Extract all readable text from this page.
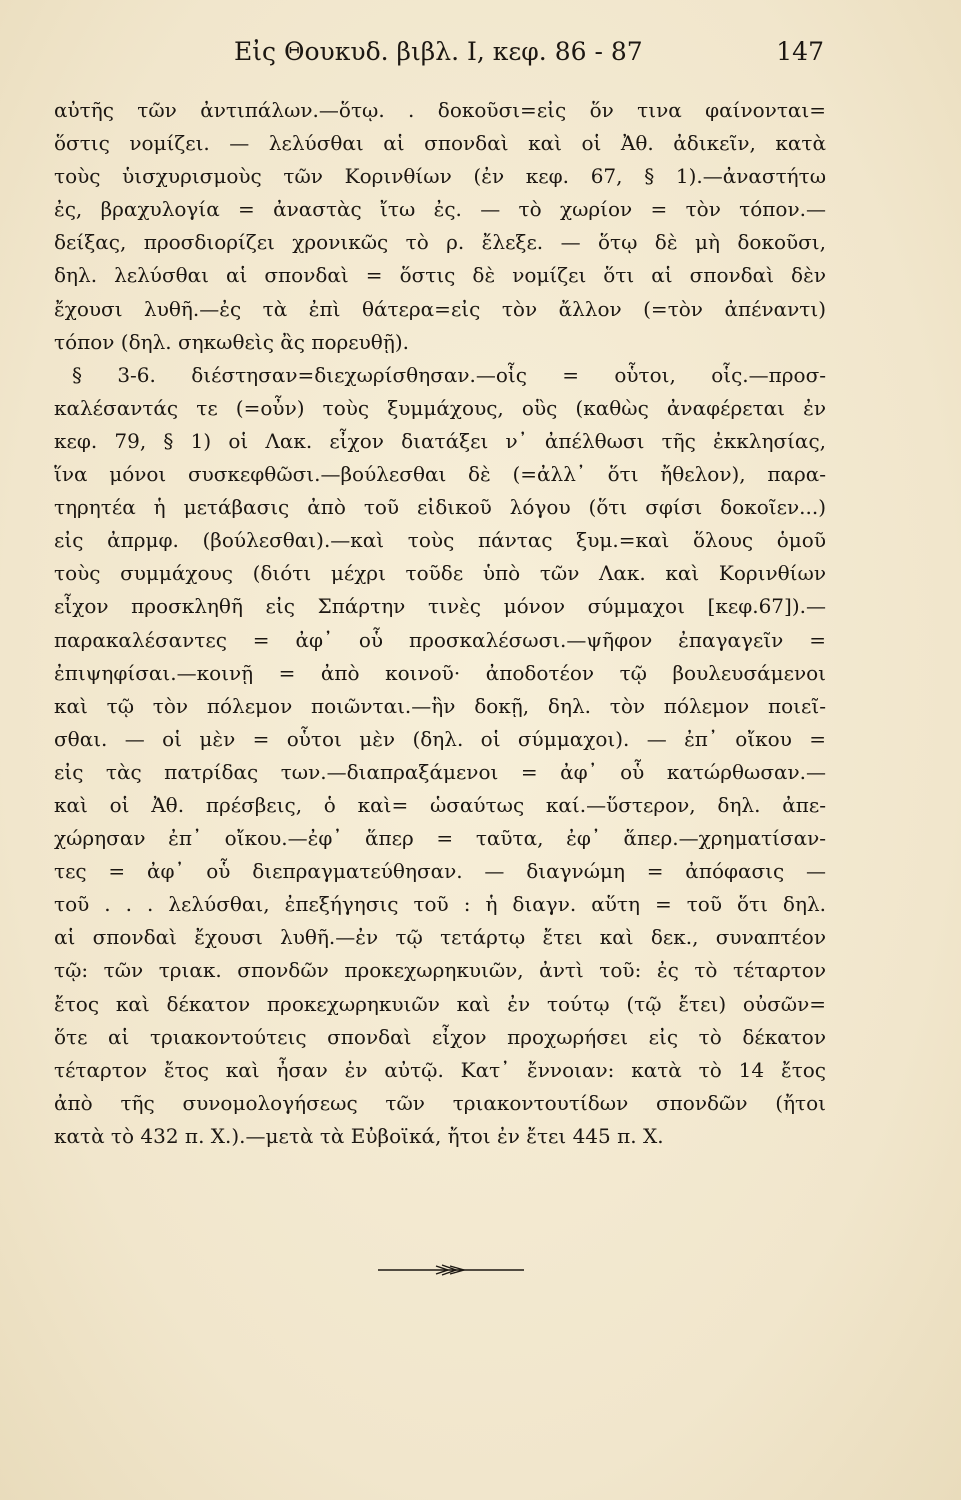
Εἰς Θουκυδ. βιβλ. Ι, κεφ. 86 - 87	147
αὐτῆς τῶν ἀντιπάλων.—ὅτῳ. . δοκοῦσι=εἰς ὅν τινα φαίνονται=
ὅστις νομίζει. — λελύσθαι αἱ σπονδαὶ καὶ οἱ Ἀθ. ἀδικεῖν, κατὰ
τοὺς ὑισχυρισμοὺς τῶν Κορινθίων (ἐν κεφ. 67, § 1).—ἀναστήτω
ἐς, βραχυλογία = ἀναστὰς ἴτω ἐς. — τὸ χωρίον = τὸν τόπον.—
δείξας, προσδιορίζει χρονικῶς τὸ ρ. ἔλεξε. — ὅτῳ δὲ μὴ δοκοῦσι,
δηλ. λελύσθαι αἱ σπονδαὶ = ὅστις δὲ νομίζει ὅτι αἱ σπονδαὶ δὲν
ἔχουσι λυθῆ.—ἐς τὰ ἐπὶ θάτερα=εἰς τὸν ἄλλον (=τὸν ἀπέναντι)
τόπον (δηλ. σηκωθεὶς ἂς πορευθῇ).
§ 3-6. διέστησαν=διεχωρίσθησαν.—οἷς = οὗτοι, οἷς.—προσ-
καλέσαντάς τε (=οὖν) τοὺς ξυμμάχους, οὓς (καθὼς ἀναφέρεται ἐν
κεφ. 79, § 1) οἱ Λακ. εἶχον διατάξει ν᾽ ἀπέλθωσι τῆς ἐκκλησίας,
ἵνα μόνοι συσκεφθῶσι.—βούλεσθαι δὲ (=ἀλλ᾽ ὅτι ἤθελον), παρα-
τηρητέα ἡ μετάβασις ἀπὸ τοῦ εἰδικοῦ λόγου (ὅτι σφίσι δοκοῖεν...)
εἰς ἀπρμφ. (βούλεσθαι).—καὶ τοὺς πάντας ξυμ.=καὶ ὅλους ὁμοῦ
τοὺς συμμάχους (διότι μέχρι τοῦδε ὑπὸ τῶν Λακ. καὶ Κορινθίων
εἶχον προσκληθῆ εἰς Σπάρτην τινὲς μόνον σύμμαχοι [κεφ.67]).—
παρακαλέσαντες = ἀφ᾽ οὗ προσκαλέσωσι.—ψῆφον ἐπαγαγεῖν =
ἐπιψηφίσαι.—κοινῇ = ἀπὸ κοινοῦ· ἀποδοτέον τῷ βουλευσάμενοι
καὶ τῷ τὸν πόλεμον ποιῶνται.—ἣν δοκῇ, δηλ. τὸν πόλεμον ποιεῖ-
σθαι. — οἱ μὲν = οὗτοι μὲν (δηλ. οἱ σύμμαχοι). — ἐπ᾽ οἴκου =
εἰς τὰς πατρίδας των.—διαπραξάμενοι = ἀφ᾽ οὗ κατώρθωσαν.—
καὶ οἱ Ἀθ. πρέσβεις, ὁ καὶ= ὡσαύτως καί.—ὕστερον, δηλ. ἀπε-
χώρησαν ἐπ᾽ οἴκου.—ἐφ᾽ ἅπερ = ταῦτα, ἐφ᾽ ἅπερ.—χρηματίσαν-
τες = ἀφ᾽ οὗ διεπραγματεύθησαν. — διαγνώμη = ἀπόφασις —
τοῦ . . . λελύσθαι, ἐπεξήγησις τοῦ : ἡ διαγν. αὕτη = τοῦ ὅτι δηλ.
αἱ σπονδαὶ ἔχουσι λυθῆ.—ἐν τῷ τετάρτῳ ἔτει καὶ δεκ., συναπτέον
τῷ: τῶν τριακ. σπονδῶν προκεχωρηκυιῶν, ἀντὶ τοῦ: ἐς τὸ τέταρτον
ἔτος καὶ δέκατον προκεχωρηκυιῶν καὶ ἐν τούτῳ (τῷ ἔτει) οὐσῶν=
ὅτε αἱ τριακοντούτεις σπονδαὶ εἶχον προχωρήσει εἰς τὸ δέκατον
τέταρτον ἔτος καὶ ἦσαν ἐν αὐτῷ. Κατ᾽ ἔννοιαν: κατὰ τὸ 14 ἔτος
ἀπὸ τῆς συνομολογήσεως τῶν τριακοντουτίδων σπονδῶν (ἤτοι
κατὰ τὸ 432 π. Χ.).—μετὰ τὰ Εὐβοϊκά, ἤτοι ἐν ἔτει 445 π. Χ.
